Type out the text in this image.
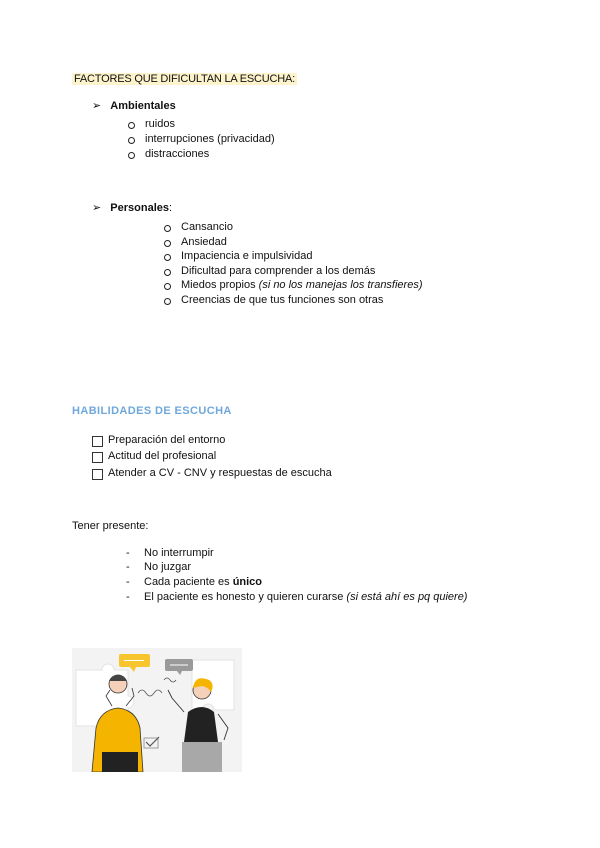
FACTORES QUE DIFICULTAN LA ESCUCHA:
➢ Ambientales
ruidos
interrupciones (privacidad)
distracciones
➢ Personales:
Cansancio
Ansiedad
Impaciencia e impulsividad
Dificultad para comprender a los demás
Miedos propios (si no los manejas los transfieres)
Creencias de que tus funciones son otras
HABILIDADES DE ESCUCHA
Preparación del entorno
Actitud del profesional
Atender a CV - CNV y respuestas de escucha
Tener presente:
- No interrumpir
- No juzgar
- Cada paciente es único
- El paciente es honesto y quieren curarse (si está ahí es pq quiere)
